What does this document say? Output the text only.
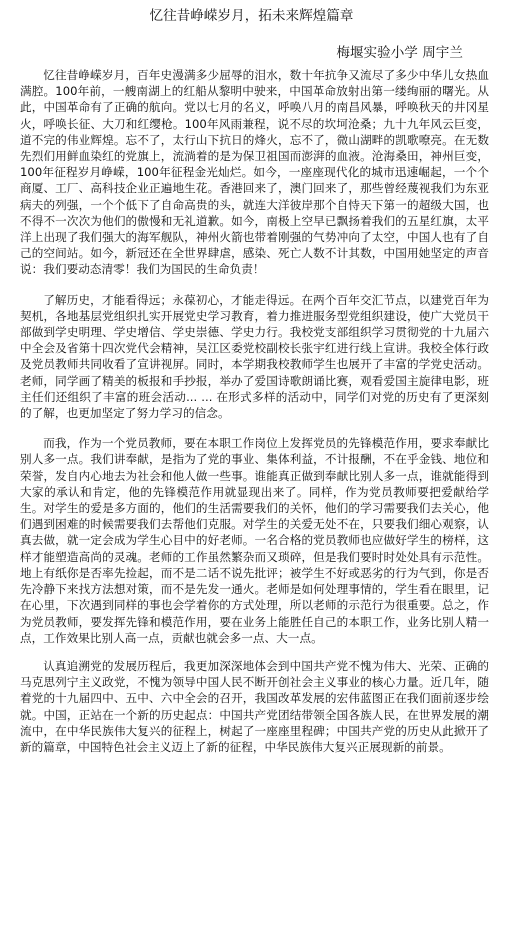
忆往昔峥嵘岁月，拓未来辉煌篇章
梅堰实验小学 周宇兰

忆往昔峥嵘岁月，百年史漫满多少屈辱的泪水，数十年抗争又流尽了多少中华儿女热血满腔。100年前，一艘南湖上的红船从黎明中驶来，中国革命放射出第一缕绚丽的曙光。从此，中国革命有了正确的航向。党以七月的名义，呼唤八月的南昌风暴，呼唤秋天的井冈星火，呼唤长征、大刀和红缨枪。100年风雨兼程，说不尽的坎坷沧桑；九十九年风云巨变，道不完的伟业辉煌。忘不了，太行山下抗日的烽火，忘不了，微山湖畔的凯歌嘹亮。在无数先烈们用鲜血染红的党旗上，流淌着的是为保卫祖国而澎湃的血液。沧海桑田，神州巨变，100年征程岁月峥嵘，100年征程金光灿烂。如今，一座座现代化的城市迅速崛起，一个个商厦、工厂、高科技企业正遍地生花。香港回来了，澳门回来了，那些曾经蔑视我们为东亚病夫的列强，一个个低下了自命高贵的头，就连大洋彼岸那个自恃天下第一的超级大国，也不得不一次次为他们的傲慢和无礼道歉。如今，南极上空早已飘扬着我们的五星红旗，太平洋上出现了我们强大的海军舰队，神州火箭也带着刚强的气势冲向了太空，中国人也有了自己的空间站。如今，新冠还在全世界肆虐，感染、死亡人数不计其数，中国用她坚定的声音说：我们要动态清零！我们为国民的生命负责！

了解历史，才能看得远；永葆初心，才能走得远。在两个百年交汇节点，以建党百年为契机，各地基层党组织扎实开展党史学习教育，着力推进服务型党组织建设，使广大党员干部做到学史明理、学史增信、学史崇德、学史力行。我校党支部组织学习贯彻党的十九届六中全会及省第十四次党代会精神，吴江区委党校副校长张宇红进行线上宣讲。我校全体行政及党员教师共同收看了宣讲视屏。同时，本学期我校教师学生也展开了丰富的学党史活动。老师，同学画了精美的板报和手抄报，举办了爱国诗歌朗诵比赛，观看爱国主旋律电影，班主任们还组织了丰富的班会活动... ... 在形式多样的活动中，同学们对党的历史有了更深刻的了解，也更加坚定了努力学习的信念。

而我，作为一个党员教师，要在本职工作岗位上发挥党员的先锋模范作用，要求奉献比别人多一点。我们讲奉献，是指为了党的事业、集体利益，不计报酬，不在乎金钱、地位和荣誉，发自内心地去为社会和他人做一些事。谁能真正做到奉献比别人多一点，谁就能得到大家的承认和肯定，他的先锋模范作用就显现出来了。同样，作为党员教师要把爱献给学生。对学生的爱是多方面的，他们的生活需要我们的关怀，他们的学习需要我们去关心，他们遇到困难的时候需要我们去帮他们克服。对学生的关爱无处不在，只要我们细心观察，认真去做，就一定会成为学生心目中的好老师。一名合格的党员教师也应做好学生的榜样，这样才能塑造高尚的灵魂。老师的工作虽然繁杂而又琐碎，但是我们要时时处处具有示范性。地上有纸你是否率先捡起，而不是二话不说先批评；被学生不好或恶劣的行为气到，你是否先冷静下来找方法想对策，而不是先发一通火。老师是如何处理事情的，学生看在眼里，记在心里，下次遇到同样的事也会学着你的方式处理，所以老师的示范行为很重要。总之，作为党员教师，要发挥先锋和模范作用，要在业务上能胜任自己的本职工作，业务比别人精一点，工作效果比别人高一点，贡献也就会多一点、大一点。

认真追溯党的发展历程后，我更加深深地体会到中国共产党不愧为伟大、光荣、正确的马克思列宁主义政党，不愧为领导中国人民不断开创社会主义事业的核心力量。近几年，随着党的十九届四中、五中、六中全会的召开，我国改革发展的宏伟蓝图正在我们面前逐步绘就。中国，正站在一个新的历史起点：中国共产党团结带领全国各族人民，在世界发展的潮流中，在中华民族伟大复兴的征程上，树起了一座座里程碑；中国共产党的历史从此掀开了新的篇章，中国特色社会主义迈上了新的征程，中华民族伟大复兴正展现新的前景。
